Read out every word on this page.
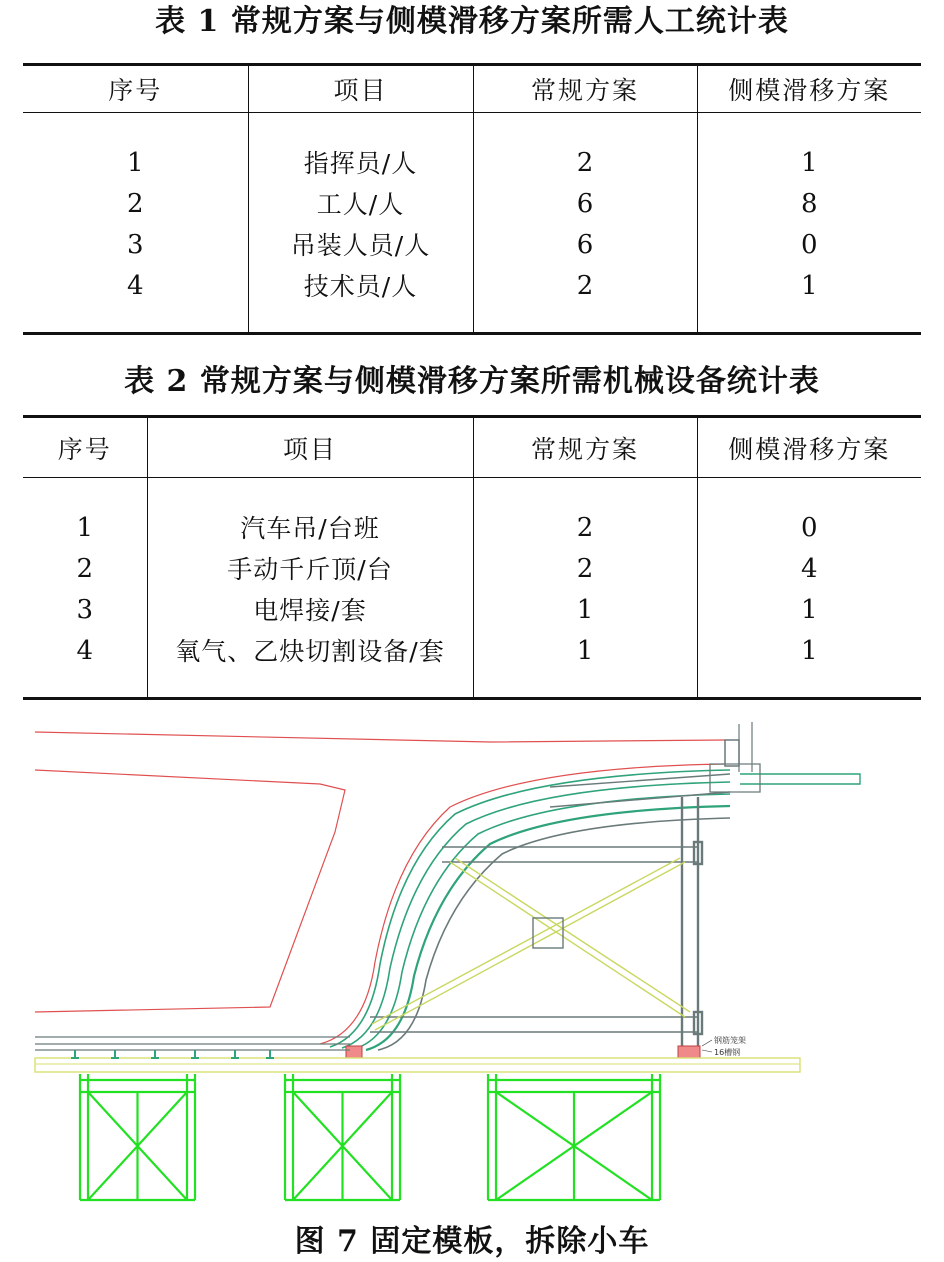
表 1 常规方案与侧模滑移方案所需人工统计表
序号	项目	常规方案	侧模滑移方案

1	指挥员/人	2	1
2	工人/人	6	8
3	吊装人员/人	6	0
4	技术员/人	2	1

表 2 常规方案与侧模滑移方案所需机械设备统计表
序号	项目	常规方案	侧模滑移方案

1	汽车吊/台班	2	0
2	手动千斤顶/台	2	4
3	电焊接/套	1	1
4	氧气、乙炔切割设备/套	1	1

钢筋笼架
16槽钢
图 7 固定模板，拆除小车
